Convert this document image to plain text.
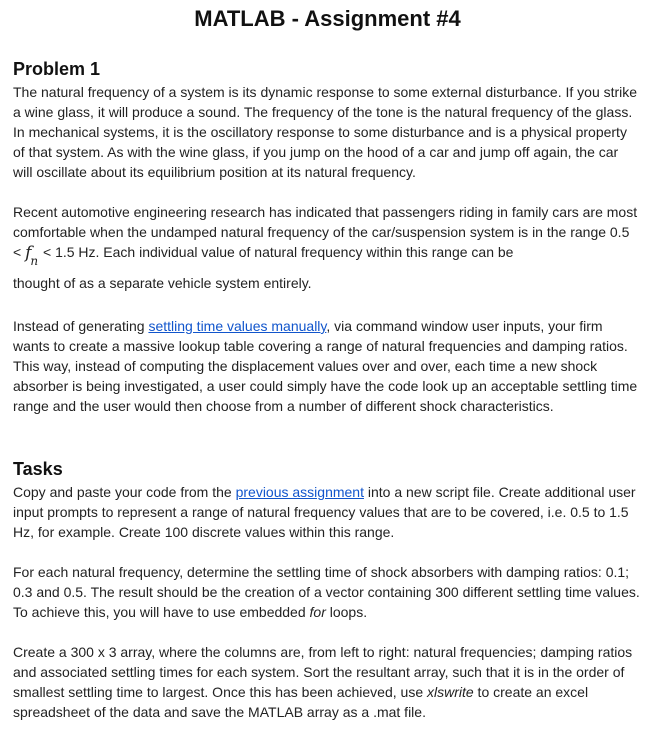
MATLAB - Assignment #4
Problem 1
The natural frequency of a system is its dynamic response to some external disturbance. If you strike a wine glass, it will produce a sound. The frequency of the tone is the natural frequency of the glass. In mechanical systems, it is the oscillatory response to some disturbance and is a physical property of that system. As with the wine glass, if you jump on the hood of a car and jump off again, the car will oscillate about its equilibrium position at its natural frequency.
Recent automotive engineering research has indicated that passengers riding in family cars are most comfortable when the undamped natural frequency of the car/suspension system is in the range 0.5 < fn < 1.5 Hz. Each individual value of natural frequency within this range can be
thought of as a separate vehicle system entirely.
Instead of generating settling time values manually, via command window user inputs, your firm wants to create a massive lookup table covering a range of natural frequencies and damping ratios. This way, instead of computing the displacement values over and over, each time a new shock absorber is being investigated, a user could simply have the code look up an acceptable settling time range and the user would then choose from a number of different shock characteristics.
Tasks
Copy and paste your code from the previous assignment into a new script file. Create additional user input prompts to represent a range of natural frequency values that are to be covered, i.e. 0.5 to 1.5 Hz, for example. Create 100 discrete values within this range.
For each natural frequency, determine the settling time of shock absorbers with damping ratios: 0.1; 0.3 and 0.5. The result should be the creation of a vector containing 300 different settling time values. To achieve this, you will have to use embedded for loops.
Create a 300 x 3 array, where the columns are, from left to right: natural frequencies; damping ratios and associated settling times for each system. Sort the resultant array, such that it is in the order of smallest settling time to largest. Once this has been achieved, use xlswrite to create an excel spreadsheet of the data and save the MATLAB array as a .mat file.
